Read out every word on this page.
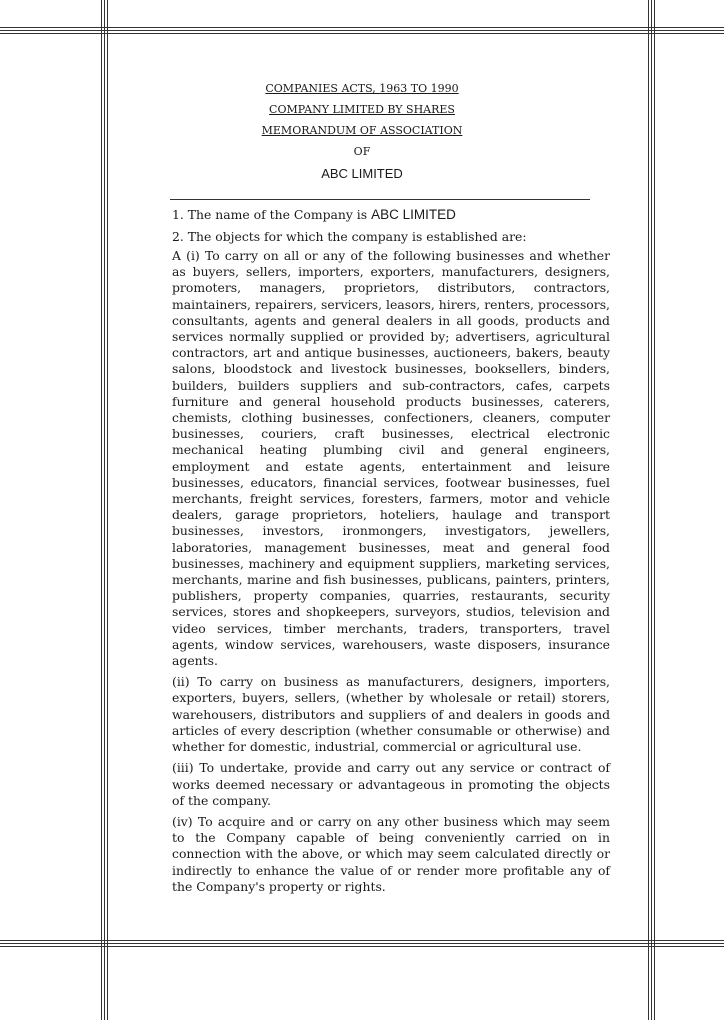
COMPANIES ACTS, 1963 TO 1990
COMPANY LIMITED BY SHARES
MEMORANDUM OF ASSOCIATION
OF
ABC LIMITED

1. The name of the Company is ABC LIMITED

2. The objects for which the company is established are:

A (i) To carry on all or any of the following businesses and whether as buyers, sellers, importers, exporters, manufacturers, designers, promoters, managers, proprietors, distributors, contractors, maintainers, repairers, servicers, leasors, hirers, renters, processors, consultants, agents and general dealers in all goods, products and services normally supplied or provided by; advertisers, agricultural contractors, art and antique businesses, auctioneers, bakers, beauty salons, bloodstock and livestock businesses, booksellers, binders, builders, builders suppliers and sub-contractors, cafes, carpets furniture and general household products businesses, caterers, chemists, clothing businesses, confectioners, cleaners, computer businesses, couriers, craft businesses, electrical electronic mechanical heating plumbing civil and general engineers, employment and estate agents, entertainment and leisure businesses, educators, financial services, footwear businesses, fuel merchants, freight services, foresters, farmers, motor and vehicle dealers, garage proprietors, hoteliers, haulage and transport businesses, investors, ironmongers, investigators, jewellers, laboratories, management businesses, meat and general food businesses, machinery and equipment suppliers, marketing services, merchants, marine and fish businesses, publicans, painters, printers, publishers, property companies, quarries, restaurants, security services, stores and shopkeepers, surveyors, studios, television and video services, timber merchants, traders, transporters, travel agents, window services, warehousers, waste disposers, insurance agents.

(ii) To carry on business as manufacturers, designers, importers, exporters, buyers, sellers, (whether by wholesale or retail) storers, warehousers, distributors and suppliers of and dealers in goods and articles of every description (whether consumable or otherwise) and whether for domestic, industrial, commercial or agricultural use.

(iii) To undertake, provide and carry out any service or contract of works deemed necessary or advantageous in promoting the objects of the company.

(iv) To acquire and or carry on any other business which may seem to the Company capable of being conveniently carried on in connection with the above, or which may seem calculated directly or indirectly to enhance the value of or render more profitable any of the Company's property or rights.
